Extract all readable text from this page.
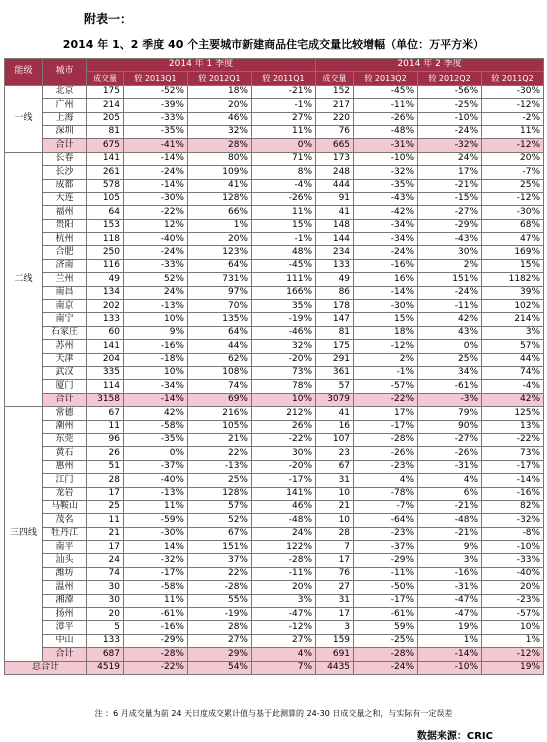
附表一：
2014 年 1、2 季度 40 个主要城市新建商品住宅成交量比较增幅（单位：万平方米）
能级	城市	2014 年 1 季度				2014 年 2 季度			
		成交量	较 2013Q1	较 2012Q1	较 2011Q1	成交量	较 2013Q2	较 2012Q2	较 2011Q2
一线	北京	175	-52%	18%	-21%	152	-45%	-56%	-30%
	广州	214	-39%	20%	-1%	217	-11%	-25%	-12%
	上海	205	-33%	46%	27%	220	-26%	-10%	-2%
	深圳	81	-35%	32%	11%	76	-48%	-24%	11%
	合计	675	-41%	28%	0%	665	-31%	-32%	-12%
二线	长春	141	-14%	80%	71%	173	-10%	24%	20%
	长沙	261	-24%	109%	8%	248	-32%	17%	-7%
	成都	578	-14%	41%	-4%	444	-35%	-21%	25%
	大连	105	-30%	128%	-26%	91	-43%	-15%	-12%
	福州	64	-22%	66%	11%	41	-42%	-27%	-30%
	贵阳	153	12%	1%	15%	148	-34%	-29%	68%
	杭州	118	-40%	20%	-1%	144	-34%	-43%	47%
	合肥	250	-24%	123%	48%	234	-24%	30%	169%
	济南	116	-33%	64%	-45%	133	-16%	2%	15%
	兰州	49	52%	731%	111%	49	16%	151%	1182%
	南昌	134	24%	97%	166%	86	-14%	-24%	39%
	南京	202	-13%	70%	35%	178	-30%	-11%	102%
	南宁	133	10%	135%	-19%	147	15%	42%	214%
	石家庄	60	9%	64%	-46%	81	18%	43%	3%
	苏州	141	-16%	44%	32%	175	-12%	0%	57%
	天津	204	-18%	62%	-20%	291	2%	25%	44%
	武汉	335	10%	108%	73%	361	-1%	34%	74%
	厦门	114	-34%	74%	78%	57	-57%	-61%	-4%
	合计	3158	-14%	69%	10%	3079	-22%	-3%	42%
三四线	常德	67	42%	216%	212%	41	17%	79%	125%
	潮州	11	-58%	105%	26%	16	-17%	90%	13%
	东莞	96	-35%	21%	-22%	107	-28%	-27%	-22%
	黄石	26	0%	22%	30%	23	-26%	-26%	73%
	惠州	51	-37%	-13%	-20%	67	-23%	-31%	-17%
	江门	28	-40%	25%	-17%	31	4%	4%	-14%
	龙岩	17	-13%	128%	141%	10	-78%	6%	-16%
	马鞍山	25	11%	57%	46%	21	-7%	-21%	82%
	茂名	11	-59%	52%	-48%	10	-64%	-48%	-32%
	牡丹江	21	-30%	67%	24%	28	-23%	-21%	-8%
	南平	17	14%	151%	122%	7	-37%	9%	-10%
	汕头	24	-32%	37%	-28%	17	-29%	3%	-33%
	潍坊	74	-17%	22%	-11%	76	-11%	-16%	-40%
	温州	30	-58%	-28%	20%	27	-50%	-31%	20%
	湘潭	30	11%	55%	3%	31	-17%	-47%	-23%
	扬州	20	-61%	-19%	-47%	17	-61%	-47%	-57%
	漳平	5	-16%	28%	-12%	3	59%	19%	10%
	中山	133	-29%	27%	27%	159	-25%	1%	1%
	合计	687	-28%	29%	4%	691	-28%	-14%	-12%
总合计		4519	-22%	54%	7%	4435	-24%	-10%	19%
注 ：6 月成交量为前 24 天日度成交累计值与基于此测算的 24-30 日成交量之和，与实际有一定误差
数据来源：CRIC
